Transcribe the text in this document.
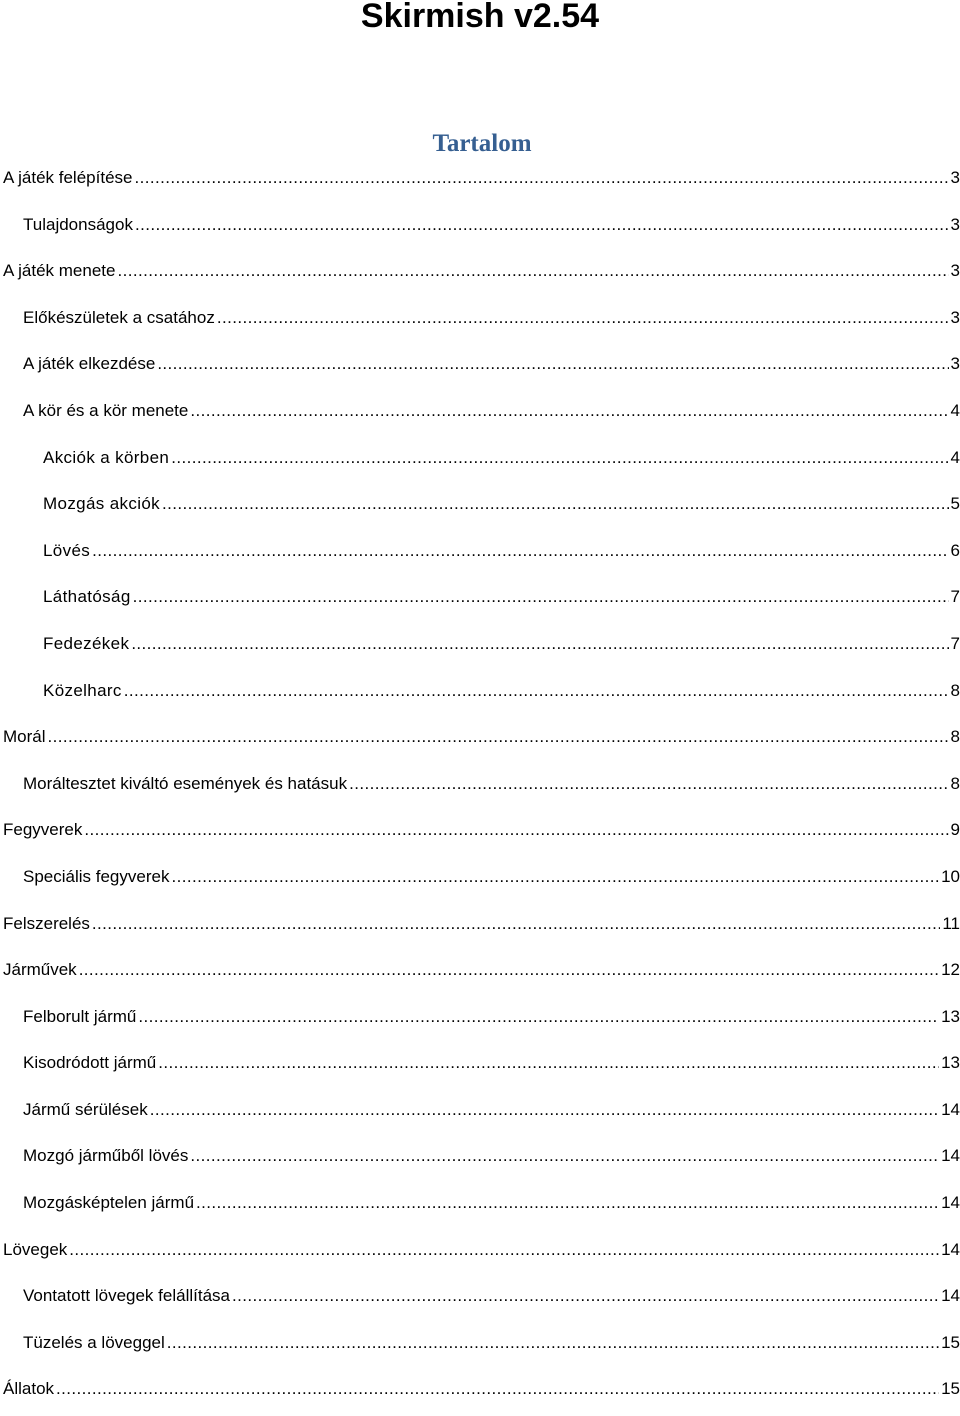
Skirmish v2.54
Tartalom
A játék felépítése .....	3
Tulajdonságok .....	3
A játék menete .....	3
Előkészületek a csatához .....	3
A játék elkezdése .....	3
A kör és a kör menete .....	4
Akciók a körben .....	4
Mozgás akciók .....	5
Lövés .....	6
Láthatóság .....	7
Fedezékek .....	7
Közelharc .....	8
Morál .....	8
Moráltesztet kiváltó események és hatásuk .....	8
Fegyverek .....	9
Speciális fegyverek .....	10
Felszerelés .....	11
Járművek .....	12
Felborult jármű .....	13
Kisodródott jármű .....	13
Jármű sérülések .....	14
Mozgó járműből lövés .....	14
Mozgásképtelen jármű .....	14
Lövegek .....	14
Vontatott lövegek felállítása .....	14
Tüzelés a löveggel .....	15
Állatok .....	15
